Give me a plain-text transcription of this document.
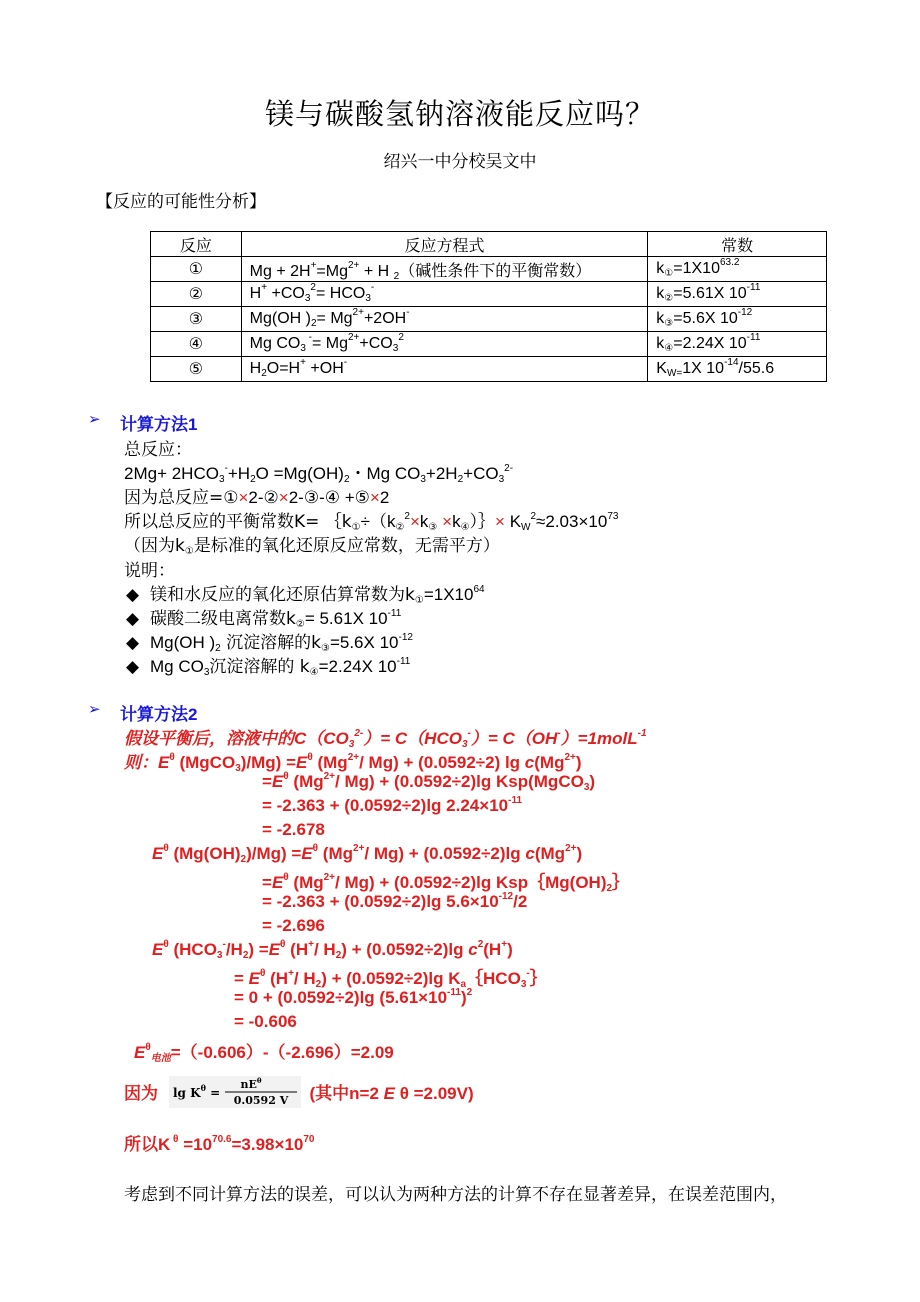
镁与碳酸氢钠溶液能反应吗？
绍兴一中分校吴文中
【反应的可能性分析】
反应	反应方程式	常数
①	$Mg + 2H^+=Mg^{2+} + H$ $_2$（碱性条件下的平衡常数）	$k_①=1X10^{63.2}$
②	$H^+ +CO_3^2= HCO_3^-$	$k_②=5.61X$ $10^{-11}$
③	Mg(OH )$_2= Mg^{2+}+2OH^-$	$k_③=5.6X$ $10^{-12}$
④	Mg $CO_3$ $^-= Mg^{2+}+CO_3^2$	$k_④=2.24X$ $10^{-11}$
⑤	$H_2O=H^+ +OH^-$	$K_{W=}1X$ $10^{-14}/55.6$
➢ 计算方法1
总反应：
$2Mg+ 2HCO_3^-+H_2O =Mg(OH)_2$・Mg $CO_3+2H_2+CO_3^{2-}$
因为总反应=①×2-②×2-③-④ +⑤×2
所以总反应的平衡常数$K= \{k_①\div(k_②^2\times k_③$ $\times k_④)\}\times K_W^2\approx 2.03\times 10^{73}$
（因为$k_①$是标准的氧化还原反应常数，无需平方）
说明：
◆ 镁和水反应的氧化还原估算常数为$k_①=1X10^{64}$
◆ 碳酸二级电离常数$k_②= 5.61X$ $10^{-11}$
◆ Mg(OH )$_2$ 沉淀溶解的$k_③=5.6X$ $10^{-12}$
◆ Mg $CO_3$沉淀溶解的 $k_④=2.24X$ $10^{-11}$
➢ 计算方法2
假设平衡后，溶液中的$C(CO_3^{2-})= C(HCO_3^-)=$ C（OH-）=1molL$^{-1}$
则：$E^\theta$ (MgCO$_3$)/Mg) $=E^\theta$ ($Mg^{2+}/$ Mg) + (0.0592÷2) $\lg c(Mg^{2+})$
$=E^\theta$ ($Mg^{2+}/$ Mg) + (0.0592÷2)lg Ksp(MgCO$_3$)
= -2.363 + (0.0592÷2)lg $2.24\times 10^{-11}$
= -2.678
$E^\theta$ $(Mg(OH)_2)/Mg) =E^\theta$ ($Mg^{2+}/$ Mg) + (0.0592÷2)lg $c(Mg^{2+})$
$=E^\theta$ ($Mg^{2+}/$ Mg) + (0.0592÷2)lg $Ksp\{Mg(OH)_2\}$
= -2.363 + (0.0592÷2)lg $5.6\times 10^{-12}/2$
= -2.696
$E^\theta$ $(HCO_3^-/H_2) =E^\theta$ (H+/ $H_2) + (0.0592\div 2)\lg$ $c^2(H^+)$
= $E^\theta$ (H+/ $H_2) + (0.0592\div 2)\lg$ $K_a\{HCO_3^-\}$
= 0 + (0.0592÷2)lg $(5.61\times 10^{-11})^2$
= -0.606
$E^\theta_{电池}=(-0.606)-(-2.696)=2.09$
因为 $\lg K^\theta$ =
$nE^\theta$
0.0592 V (其中n=2 E θ =2.09V)
所以K $^\theta =10^{70.6}=3.98\times 10^{70}$
考虑到不同计算方法的误差，可以认为两种方法的计算不存在显著差异，在误差范围内，
